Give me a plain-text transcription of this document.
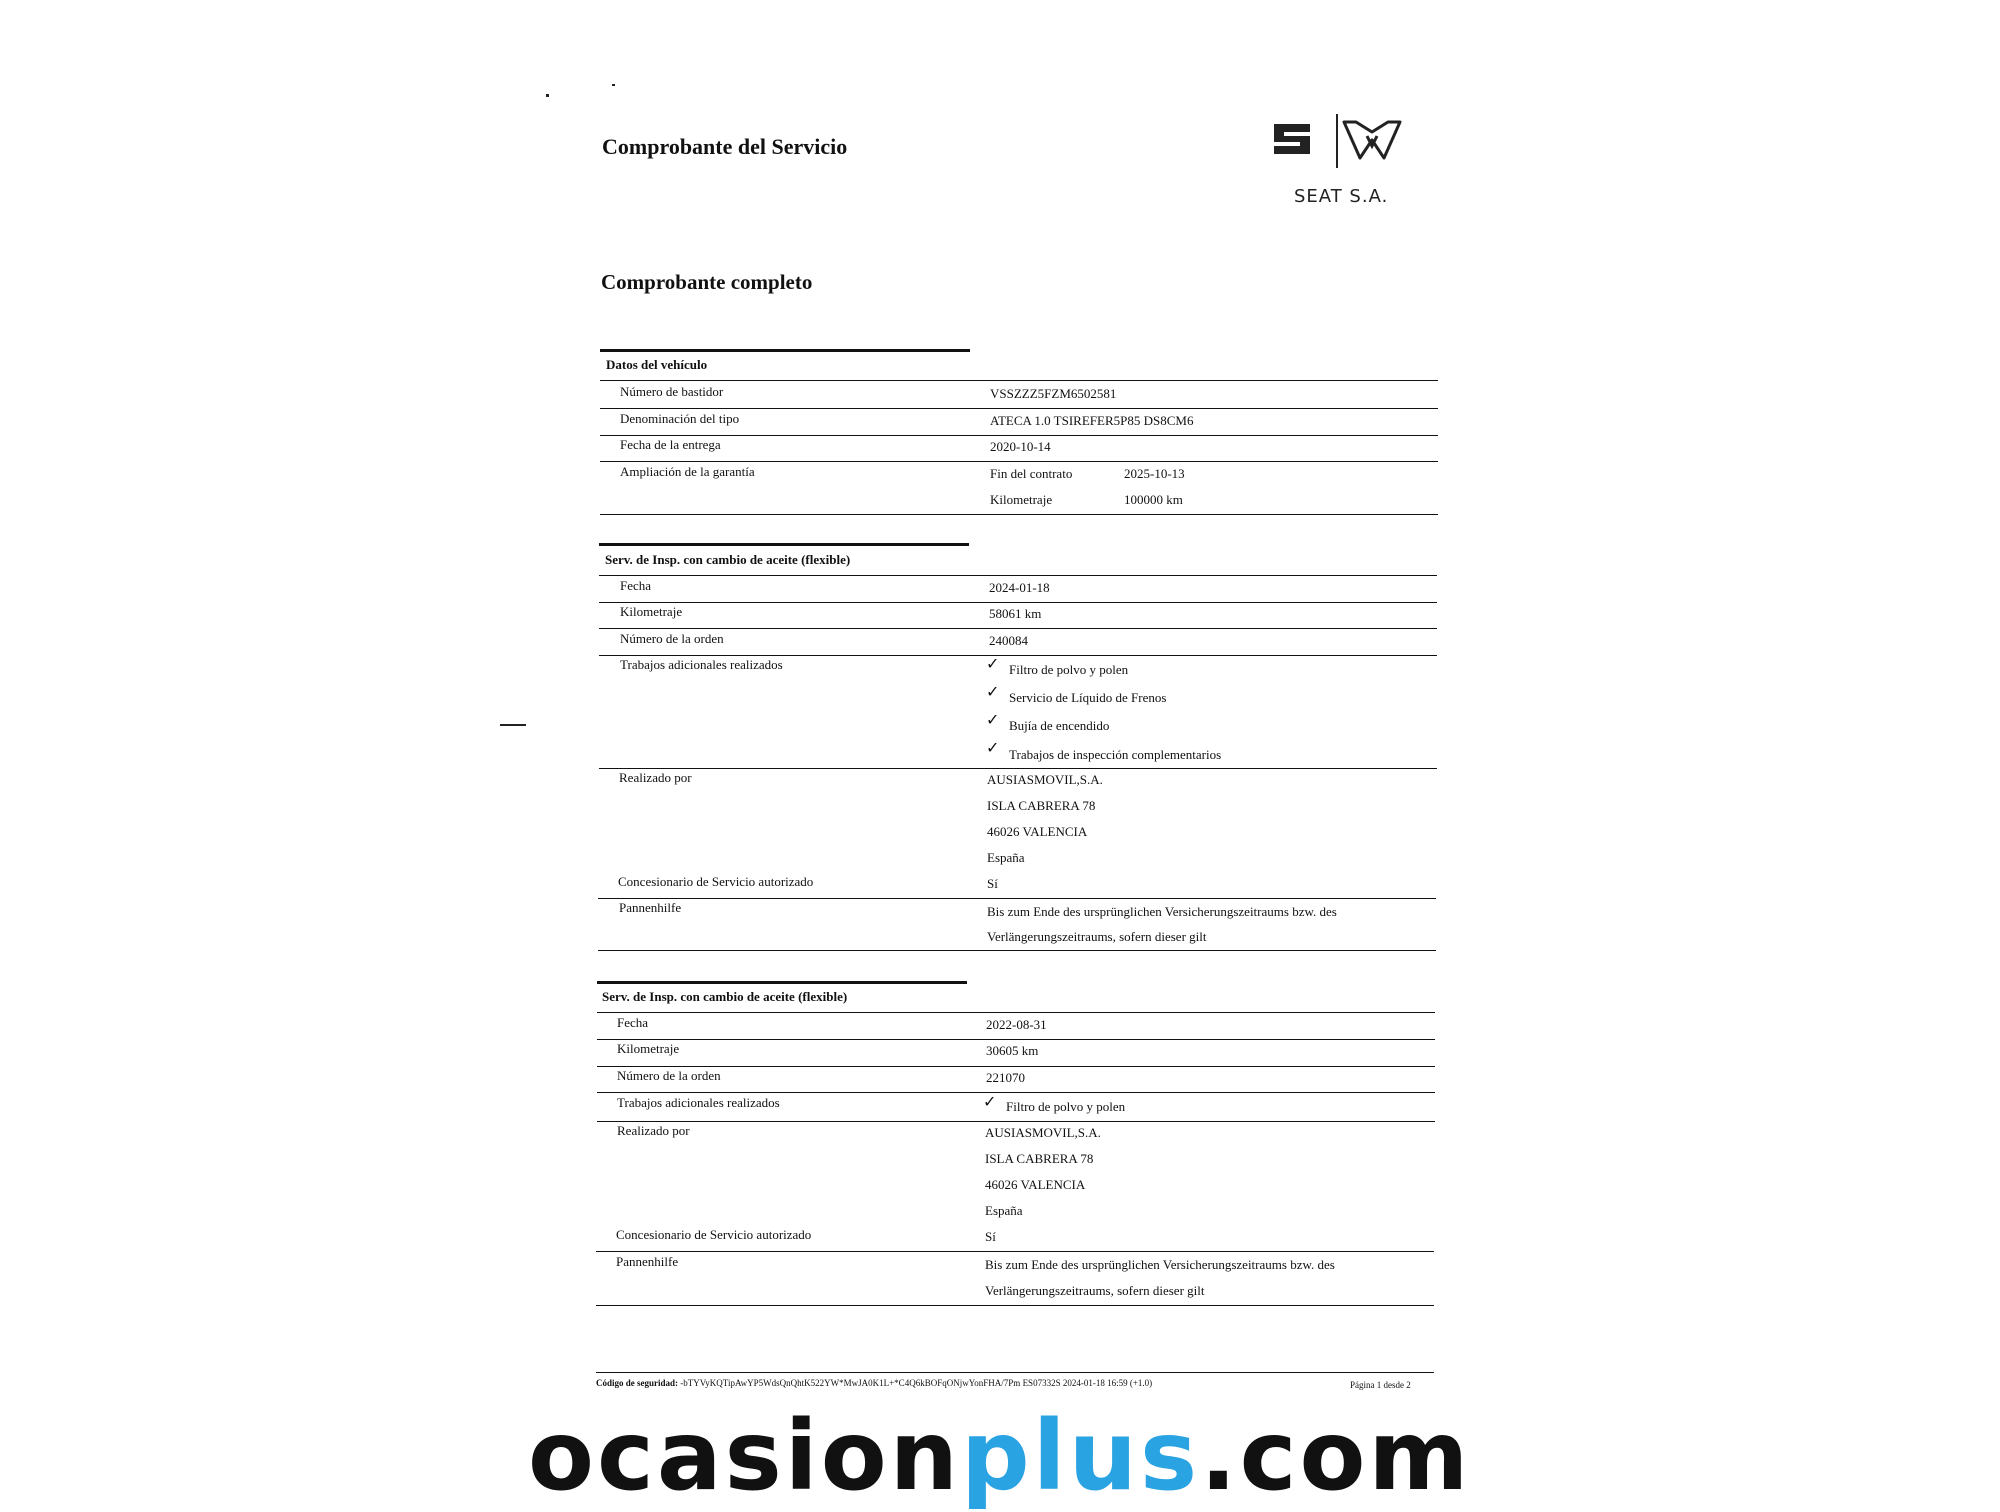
Comprobante del Servicio
SEAT S.A.
Comprobante completo
Datos del vehículo
Número de bastidor	VSSZZZ5FZM6502581
Denominación del tipo	ATECA 1.0 TSIREFER5P85 DS8CM6
Fecha de la entrega	2020-10-14
Ampliación de la garantía	Fin del contrato	2025-10-13
Kilometraje	100000 km
Serv. de Insp. con cambio de aceite (flexible)
Fecha	2024-01-18
Kilometraje	58061 km
Número de la orden	240084
Trabajos adicionales realizados	✓ Filtro de polvo y polen
✓ Servicio de Líquido de Frenos
✓ Bujía de encendido
✓ Trabajos de inspección complementarios
Realizado por	AUSIASMOVIL,S.A.
ISLA CABRERA 78
46026 VALENCIA
España
Concesionario de Servicio autorizado	Sí
Pannenhilfe	Bis zum Ende des ursprünglichen Versicherungszeitraums bzw. des
Verlängerungszeitraums, sofern dieser gilt
Serv. de Insp. con cambio de aceite (flexible)
Fecha	2022-08-31
Kilometraje	30605 km
Número de la orden	221070
Trabajos adicionales realizados	✓ Filtro de polvo y polen
Realizado por	AUSIASMOVIL,S.A.
ISLA CABRERA 78
46026 VALENCIA
España
Concesionario de Servicio autorizado	Sí
Pannenhilfe	Bis zum Ende des ursprünglichen Versicherungszeitraums bzw. des
Verlängerungszeitraums, sofern dieser gilt
Código de seguridad: -bTYVyKQTipAwYP5WdsQnQhtK522YW*MwJA0K1L+*C4Q6kBOFqONjwYonFHA/7Pm ES07332S 2024-01-18 16:59 (+1.0)	Página 1 desde 2
ocasionplus.com
